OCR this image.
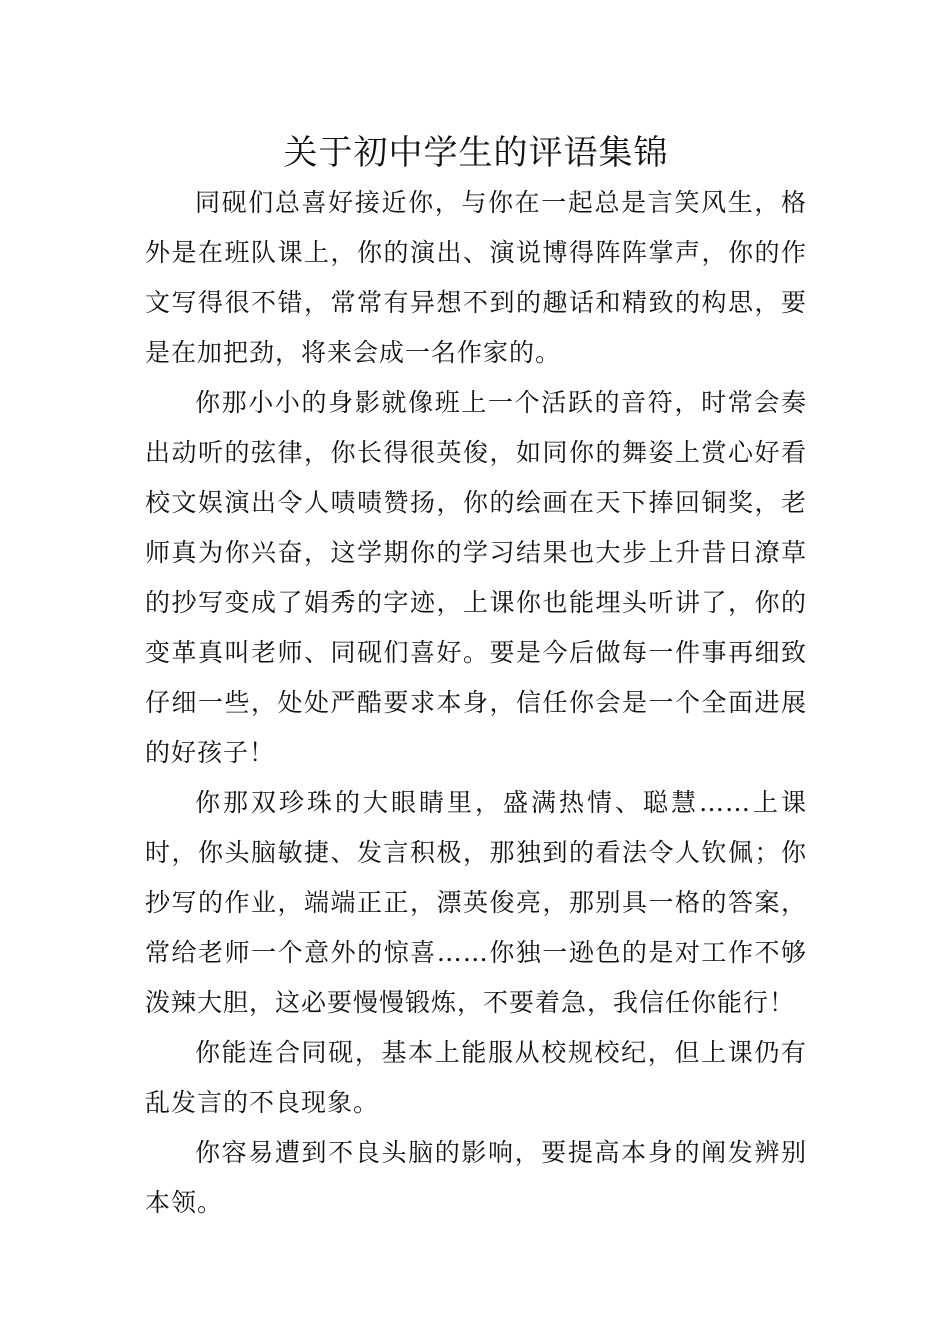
关于初中学生的评语集锦

同砚们总喜好接近你，与你在一起总是言笑风生，格外是在班队课上，你的演出、演说博得阵阵掌声，你的作文写得很不错，常常有异想不到的趣话和精致的构思，要是在加把劲，将来会成一名作家的。

你那小小的身影就像班上一个活跃的音符，时常会奏出动听的弦律，你长得很英俊，如同你的舞姿上赏心好看校文娱演出令人啧啧赞扬，你的绘画在天下捧回铜奖，老师真为你兴奋，这学期你的学习结果也大步上升昔日潦草的抄写变成了娟秀的字迹，上课你也能埋头听讲了，你的变革真叫老师、同砚们喜好。要是今后做每一件事再细致仔细一些，处处严酷要求本身，信任你会是一个全面进展的好孩子！

你那双珍珠的大眼睛里，盛满热情、聪慧……上课时，你头脑敏捷、发言积极，那独到的看法令人钦佩；你抄写的作业，端端正正，漂英俊亮，那别具一格的答案，常给老师一个意外的惊喜……你独一逊色的是对工作不够泼辣大胆，这必要慢慢锻炼，不要着急，我信任你能行！

你能连合同砚，基本上能服从校规校纪，但上课仍有乱发言的不良现象。

你容易遭到不良头脑的影响，要提高本身的阐发辨别本领。
